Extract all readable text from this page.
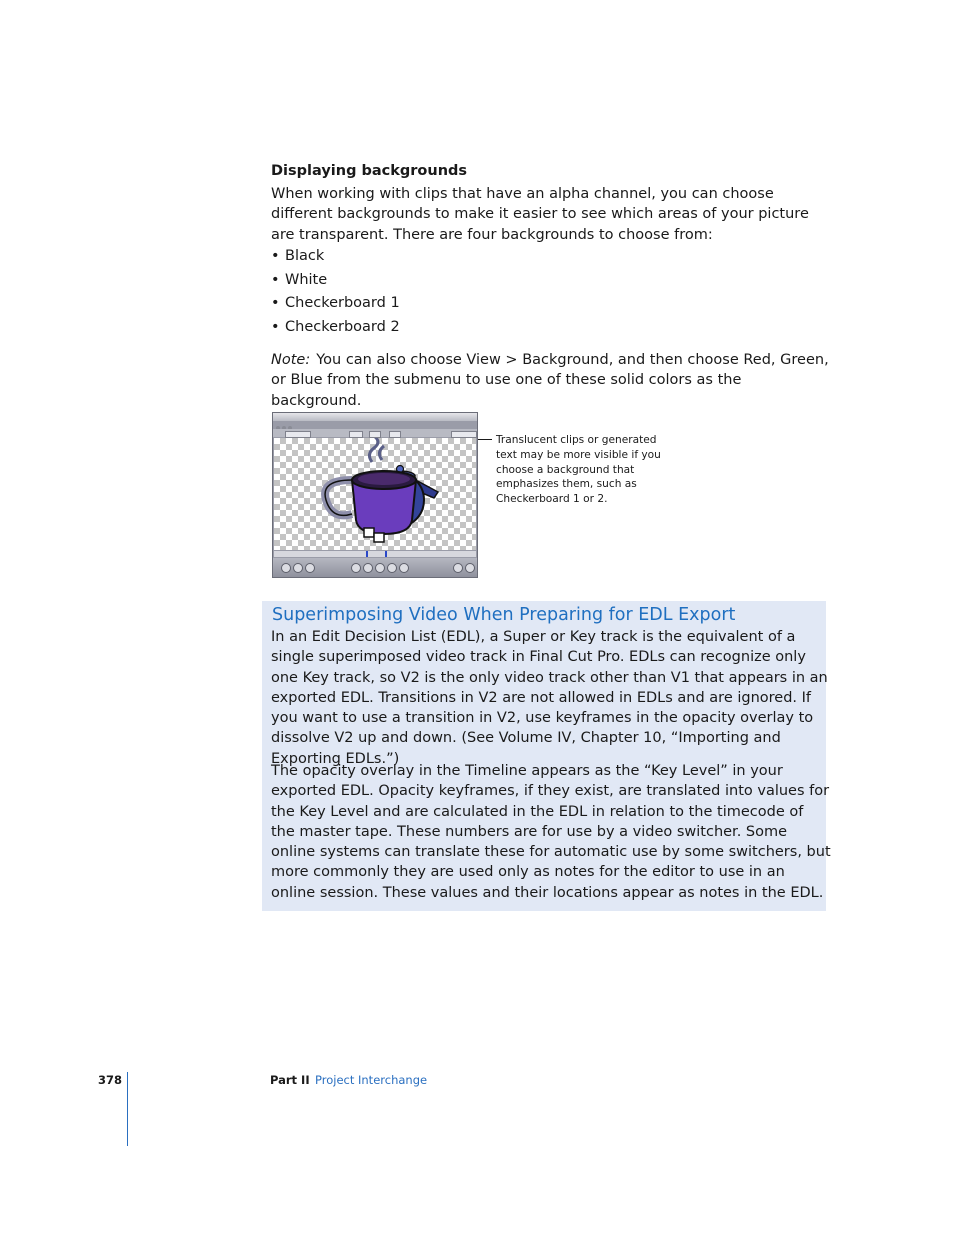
Displaying backgrounds
When working with clips that have an alpha channel, you can choose different backgrounds to make it easier to see which areas of your picture are transparent. There are four backgrounds to choose from:
• Black
• White
• Checkerboard 1
• Checkerboard 2
Note: You can also choose View > Background, and then choose Red, Green, or Blue from the submenu to use one of these solid colors as the background.
Translucent clips or generated text may be more visible if you choose a background that emphasizes them, such as Checkerboard 1 or 2.
Superimposing Video When Preparing for EDL Export
In an Edit Decision List (EDL), a Super or Key track is the equivalent of a single superimposed video track in Final Cut Pro. EDLs can recognize only one Key track, so V2 is the only video track other than V1 that appears in an exported EDL. Transitions in V2 are not allowed in EDLs and are ignored. If you want to use a transition in V2, use keyframes in the opacity overlay to dissolve V2 up and down. (See Volume IV, Chapter 10, “Importing and Exporting EDLs.”)
The opacity overlay in the Timeline appears as the “Key Level” in your exported EDL. Opacity keyframes, if they exist, are translated into values for the Key Level and are calculated in the EDL in relation to the timecode of the master tape. These numbers are for use by a video switcher. Some online systems can translate these for automatic use by some switchers, but more commonly they are used only as notes for the editor to use in an online session. These values and their locations appear as notes in the EDL.
378	Part II Project Interchange
